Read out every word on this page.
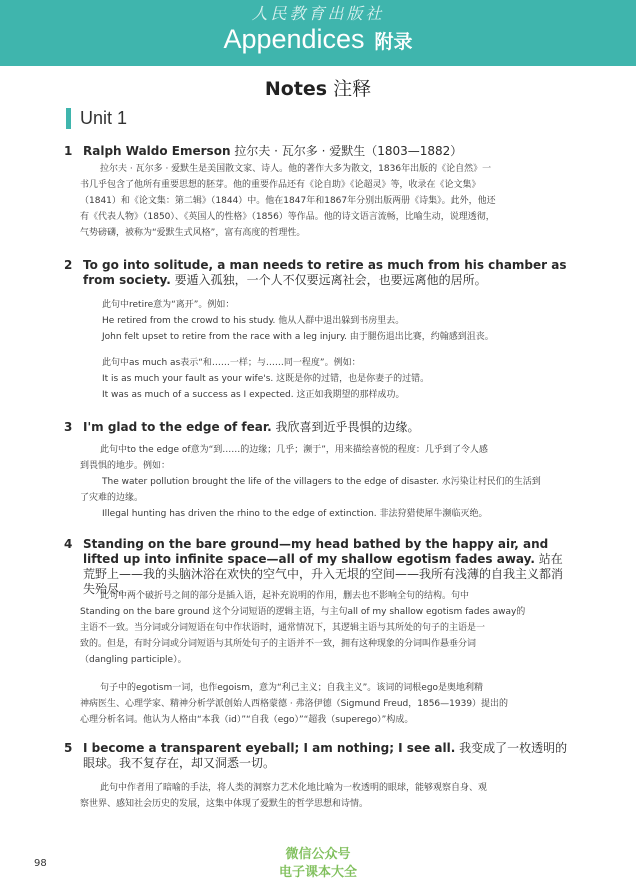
人民教育出版社
Appendices 附录
Notes 注释
Unit 1
1 Ralph Waldo Emerson 拉尔夫 · 瓦尔多 · 爱默生（1803—1882）

拉尔夫 · 瓦尔多 · 爱默生是美国散文家、诗人。他的著作大多为散文，1836年出版的《论自然》一

书几乎包含了他所有重要思想的胚芽。他的重要作品还有《论自助》《论超灵》等，收录在《论文集》

（1841）和《论文集：第二辑》（1844）中。他在1847年和1867年分别出版两册《诗集》。此外，他还

有《代表人物》（1850）、《英国人的性格》（1856）等作品。他的诗文语言流畅，比喻生动，说理透彻，

气势磅礴，被称为“爱默生式风格”，富有高度的哲理性。

2 To go into solitude, a man needs to retire as much from his chamber as from society. 要遁入孤独，一个人不仅要远离社会，也要远离他的居所。

此句中retire意为“离开”。例如：

He retired from the crowd to his study. 他从人群中退出躲到书房里去。

John felt upset to retire from the race with a leg injury. 由于腿伤退出比赛，约翰感到沮丧。

此句中as much as表示“和……一样；与……同一程度”。例如：

It is as much your fault as your wife's. 这既是你的过错，也是你妻子的过错。

It was as much of a success as I expected. 这正如我期望的那样成功。

3 I'm glad to the edge of fear. 我欣喜到近乎畏惧的边缘。

此句中to the edge of意为“到……的边缘；几乎；濒于”，用来描绘喜悦的程度：几乎到了令人感

到畏惧的地步。例如：

The water pollution brought the life of the villagers to the edge of disaster. 水污染让村民们的生活到

了灾难的边缘。

Illegal hunting has driven the rhino to the edge of extinction. 非法狩猎使犀牛濒临灭绝。

4 Standing on the bare ground—my head bathed by the happy air, and lifted up into infinite space—all of my shallow egotism fades away. 站在荒野上——我的头脑沐浴在欢快的空气中，升入无垠的空间——我所有浅薄的自我主义都消失殆尽。

此句中两个破折号之间的部分是插入语，起补充说明的作用，删去也不影响全句的结构。句中

Standing on the bare ground 这个分词短语的逻辑主语，与主句all of my shallow egotism fades away的

主语不一致。当分词或分词短语在句中作状语时，通常情况下，其逻辑主语与其所处的句子的主语是一

致的。但是，有时分词或分词短语与其所处句子的主语并不一致，拥有这种现象的分词叫作悬垂分词

（dangling participle）。

句子中的egotism一词，也作egoism，意为“利己主义；自我主义”。该词的词根ego是奥地利精

神病医生、心理学家、精神分析学派创始人西格蒙德 · 弗洛伊德（Sigmund Freud，1856—1939）提出的

心理分析名词。他认为人格由“本我（id）”“自我（ego）”“超我（superego）”构成。

5 I become a transparent eyeball; I am nothing; I see all. 我变成了一枚透明的眼球。我不复存在，却又洞悉一切。

此句中作者用了暗喻的手法，将人类的洞察力艺术化地比喻为一枚透明的眼球，能够观察自身、观

察世界、感知社会历史的发展，这集中体现了爱默生的哲学思想和诗情。

98
微信公众号
电子课本大全
